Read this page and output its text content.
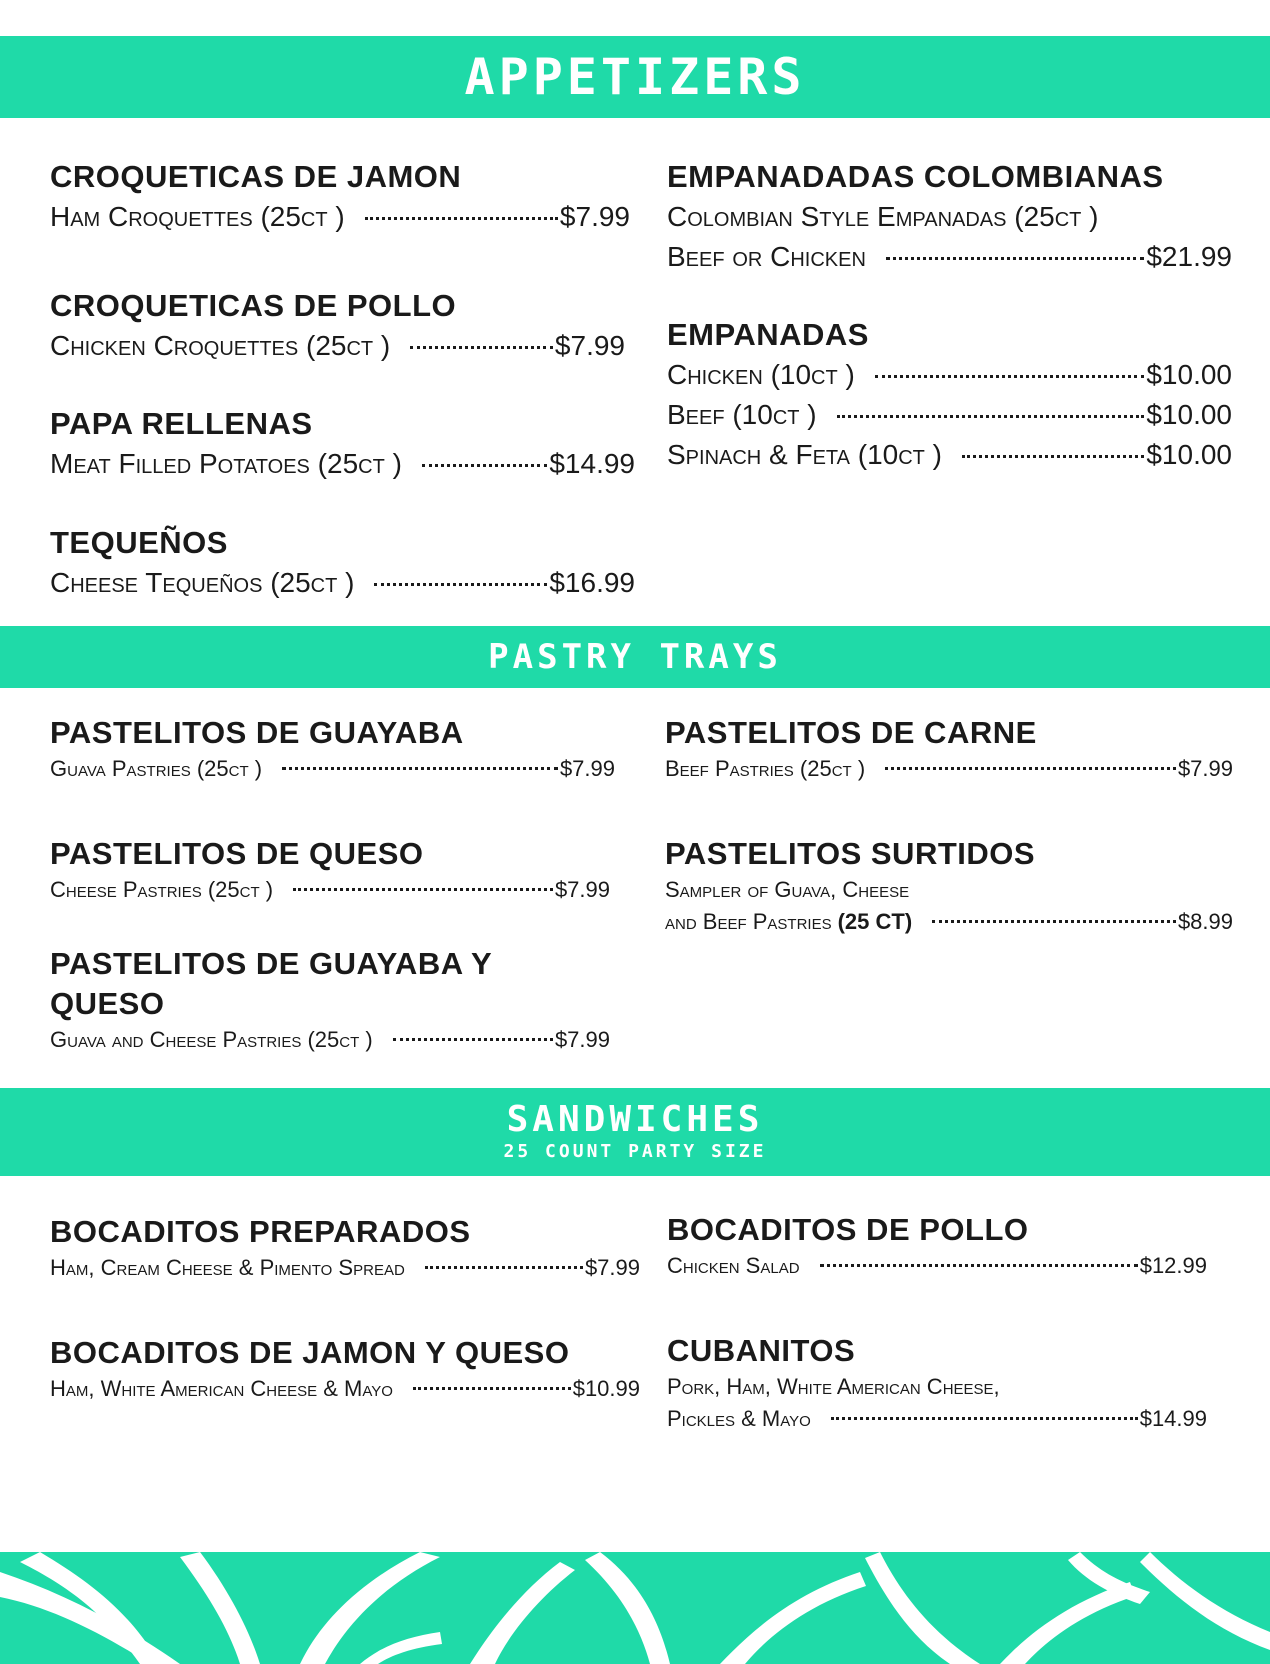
APPETIZERS
CROQUETICAS DE JAMON
Ham Croquettes (25ct )	$7.99
CROQUETICAS DE POLLO
Chicken Croquettes (25ct )	$7.99
PAPA RELLENAS
Meat Filled Potatoes (25ct )	$14.99
TEQUEÑOS
Cheese Tequeños (25ct )	$16.99
EMPANADADAS COLOMBIANAS
Colombian Style Empanadas (25ct )
Beef or Chicken	$21.99
EMPANADAS
Chicken (10ct )	$10.00
Beef (10ct )	$10.00
Spinach & Feta (10ct )	$10.00
PASTRY TRAYS
PASTELITOS DE GUAYABA
Guava Pastries (25ct )	$7.99
PASTELITOS DE QUESO
Cheese Pastries (25ct )	$7.99
PASTELITOS DE GUAYABA Y
QUESO
Guava and Cheese Pastries (25ct )	$7.99
PASTELITOS DE CARNE
Beef Pastries (25ct )	$7.99
PASTELITOS SURTIDOS
Sampler of Guava, Cheese
and Beef Pastries (25 CT)	$8.99
SANDWICHES
25 COUNT PARTY SIZE
BOCADITOS PREPARADOS
Ham, Cream Cheese & Pimento Spread	$7.99
BOCADITOS DE JAMON Y QUESO
Ham, White American Cheese & Mayo	$10.99
BOCADITOS DE POLLO
Chicken Salad	$12.99
CUBANITOS
Pork, Ham, White American Cheese,
Pickles & Mayo	$14.99
